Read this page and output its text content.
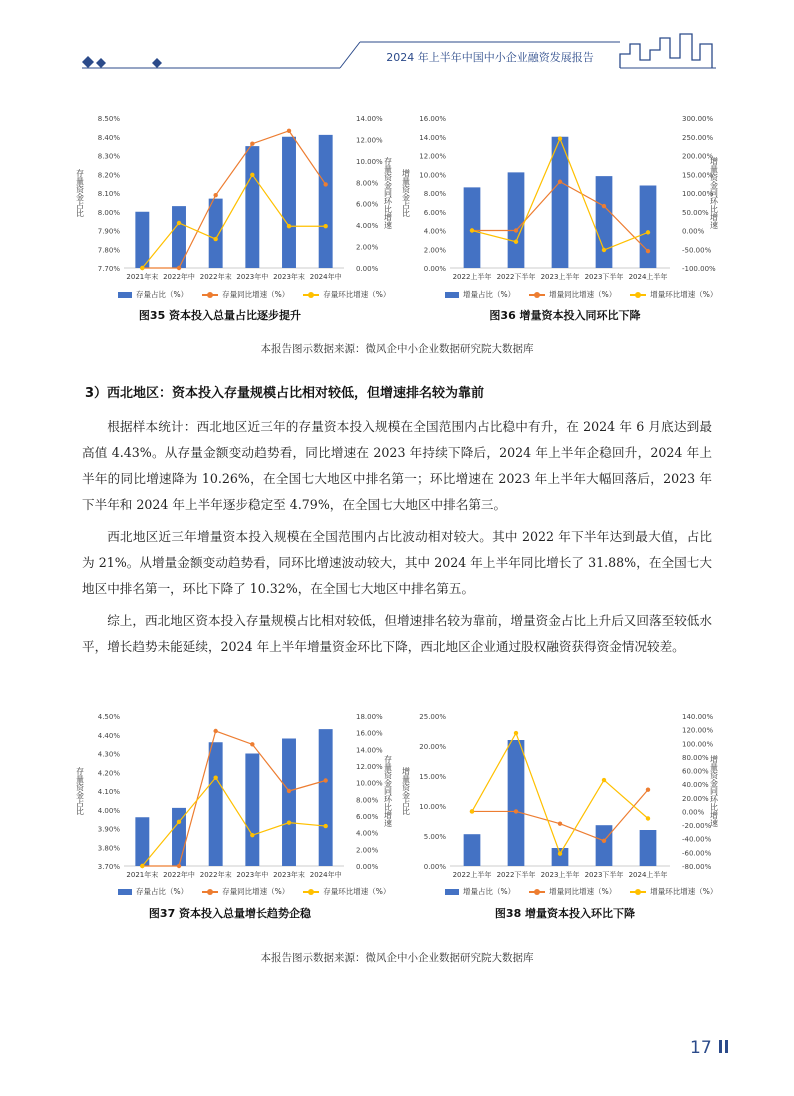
2024 年上半年中国中小企业融资发展报告
8.50%
8.40%
8.30%
8.20%
8.10%
8.00%
7.90%
7.80%
7.70%
14.00%
12.00%
10.00%
8.00%
6.00%
4.00%
2.00%
0.00%
存量资金占比	存量资金同环比增速
2021年末 2022年中 2022年末 2023年中 2023年末 2024年中
存量占比（%）	存量同比增速（%）	存量环比增速（%）
图35 资本投入总量占比逐步提升
16.00%
14.00%
12.00%
10.00%
8.00%
6.00%
4.00%
2.00%
0.00%
300.00%
250.00%
200.00%
150.00%
100.00%
50.00%
0.00%
-50.00%
-100.00%
增量资金占比	增量资金同环比增速
2022上半年 2022下半年 2023上半年 2023下半年 2024上半年
增量占比（%）	增量同比增速（%）	增量环比增速（%）
图36 增量资本投入同环比下降
本报告图示数据来源：微风企中小企业数据研究院大数据库
3）西北地区：资本投入存量规模占比相对较低，但增速排名较为靠前

根据样本统计：西北地区近三年的存量资本投入规模在全国范围内占比稳中有升，在 2024 年 6 月底达到最高值 4.43%。从存量金额变动趋势看，同比增速在 2023 年持续下降后，2024 年上半年企稳回升，2024 年上半年的同比增速降为 10.26%，在全国七大地区中排名第一；环比增速在 2023 年上半年大幅回落后，2023 年下半年和 2024 年上半年逐步稳定至 4.79%，在全国七大地区中排名第三。

西北地区近三年增量资本投入规模在全国范围内占比波动相对较大。其中 2022 年下半年达到最大值，占比为 21%。从增量金额变动趋势看，同环比增速波动较大，其中 2024 年上半年同比增长了 31.88%，在全国七大地区中排名第一，环比下降了 10.32%，在全国七大地区中排名第五。

综上，西北地区资本投入存量规模占比相对较低，但增速排名较为靠前，增量资金占比上升后又回落至较低水平，增长趋势未能延续，2024 年上半年增量资金环比下降，西北地区企业通过股权融资获得资金情况较差。

4.50%
4.40%
4.30%
4.20%
4.10%
4.00%
3.90%
3.80%
3.70%
18.00%
16.00%
14.00%
12.00%
10.00%
8.00%
6.00%
4.00%
2.00%
0.00%
存量资金占比	存量资金同环比增速
2021年末 2022年中 2022年末 2023年中 2023年末 2024年中
存量占比（%）	存量同比增速（%）	存量环比增速（%）
图37 资本投入总量增长趋势企稳
25.00%
20.00%
15.00%
10.00%
5.00%
0.00%
140.00%
120.00%
100.00%
80.00%
60.00%
40.00%
20.00%
0.00%
-20.00%
-40.00%
-60.00%
-80.00%
增量资金占比	增量资金同环比增速
2022上半年 2022下半年 2023上半年 2023下半年 2024上半年
增量占比（%）	增量同比增速（%）	增量环比增速（%）
图38 增量资本投入环比下降
本报告图示数据来源：微风企中小企业数据研究院大数据库
17
